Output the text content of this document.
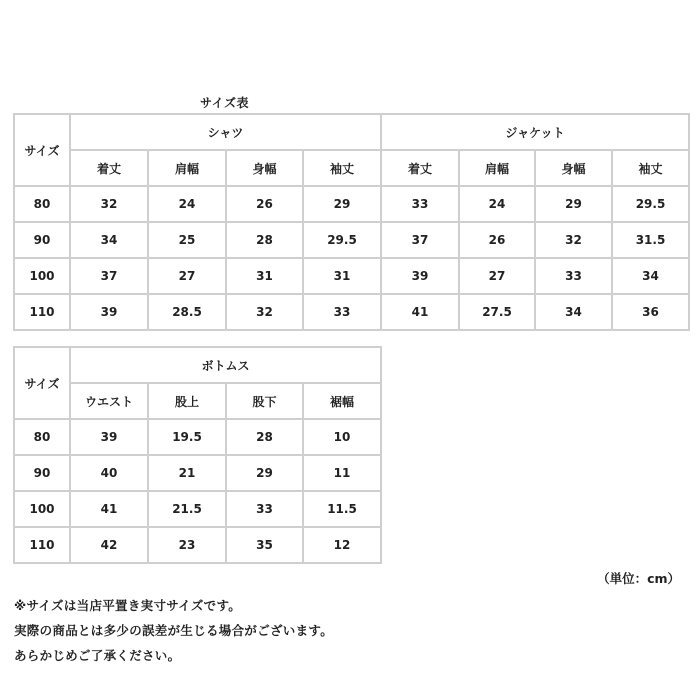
サイズ表
サイズ	シャツ				ジャケット			
	着丈	肩幅	身幅	袖丈	着丈	肩幅	身幅	袖丈
80	32	24	26	29	33	24	29	29.5
90	34	25	28	29.5	37	26	32	31.5
100	37	27	31	31	39	27	33	34
110	39	28.5	32	33	41	27.5	34	36
サイズ	ボトムス			
	ウエスト	股上	股下	裾幅
80	39	19.5	28	10
90	40	21	29	11
100	41	21.5	33	11.5
110	42	23	35	12
（単位：cm）
※サイズは当店平置き実寸サイズです。
実際の商品とは多少の誤差が生じる場合がございます。
あらかじめご了承ください。
